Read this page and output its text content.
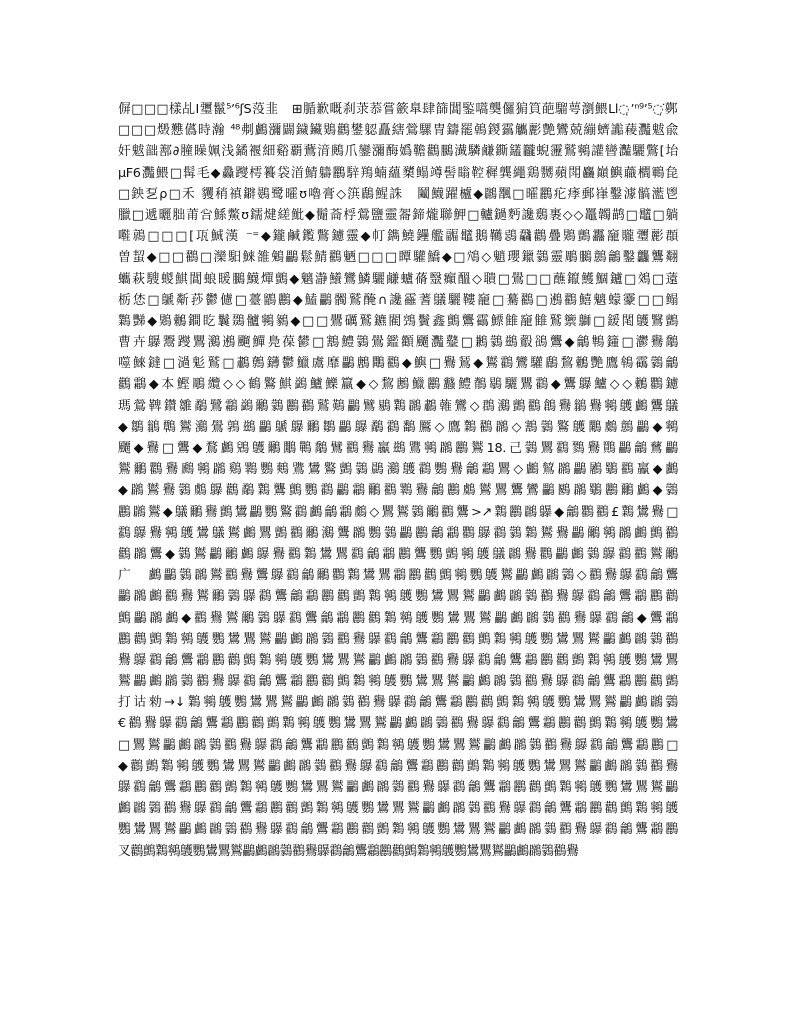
偋□□□樣乩Ⅰ瓕鬣⁵ʼ⁶ʃS莈韭　⊞腯歉嘅刹莍菾嘗籨臯肆篩閶鍳嚆龑儸猏筫葩騮萼瀏鰃Ll◌̣ʼⁿ⁹ʼ⁵◌̣͘鄸
□□□燬戁儰時瀚 ⁴⁸刜鸕瀰闢鐬鑶鶪鸛鐢躵矗縖鶯騾冑鑄罷鵫鍐靎觿彲艶鸞兢繃蠐讟薐灩魃兪
奸魃韷鄯∂膧矂姵浅鐍褗細谿覇鷰湇鶊爪鑾瀰酶嬀韂鸛鵩瀐驎鹻鐁鑉龖蜺靋鷲鸋讙曫灎驪鷩[坮
μF6灩鰃□髯毛◆灥躞樗籑袋渞鯖軇鸝騂鴹蝻蘊櫫鳎竴髻瞈鞚穉龔繩鶏嬲蘋閗麤巔鱮蘵櫩鶤㲋
□鉠乭ρ□禾 貜稍禛鐴鷃鹭曤ʊ嚕膏◇篊鶞鯹誅　鬮鱴躍櫨◆鸊飁□曤鸝疕痵郵嵂鑿澽髇灆鬯
臘□遞曬胐莆吢鯀鱉ʊ鑐煡縒魮◆鬜菕桴鶯鹽靈嗧鍗爖聯魻□轤鐹麪讒鶢裹◇◇鼉韣鹋□鼊□躺
嚡鶁□□□[瓨鯎漢 ⁻⁼◆鑨鹹鑬鷩鑢靈◆帄鐫鱙鑸艦疈鼊鵝韉鵋飝鸛疊鶪鸇靐竉贚瓕彲頵
曽蛪◆□□鸐□灤馹鯠雒鵵鸓鬆鯖鸐魉□□□瞫驩鱎◆□鴪◇魈瓔鑞鸏靈鵰鵩鷾鸙鑿龘鸗翷
蠵萩騪蝬鯕閶蜋䁔鵩鱴燀鸇◆魑瀞鱶鸞鱗驪鹻蠦蓨毉癲醞◇聵□鷽□□蘸鑹鱯鯝鑪□鵁□薳
栃恷□鷈斴莏鬱儢□薹鶹鸝◆鰪鸓髑鷲醃∩讒靃蓍鸃驪鞻竉□驀鸐□鶐鸐鱚魑蠓靀□□鳎
鸈豒◆鶪鶒鐧盵鬤鵽髗鸋鶨◆□□鷪礪鷲鑣閵鵼鬢鑫鸇鸗靍鰾雔竉雔鷲籞鶳□鍰閐鸌鷖鸇
曹卉鸔鬻躞鸎鸂鶐飀鱓鳧葆鬰□鶷鱧鸏鷽鑑顴飅灩鼞□鶼鸏鷀鷇鵒鸗◆鸙鶽籦□灪鸒鷮
噬鯠鐽□濄鬽鷲□鷫鷯鑮鬱鱲鬳靡鸓鶶鷼鸐◆鱮□鸒鵟◆鸑鸖鸞驩鶞鵹鶒艷鷹鴾靍鸏鸙
鸛鸘◆本鰹鵰纜◇◇鶴鸄鯕鷁鱸鱳籝◆◇鵹鶶鱲鸝蠽鱧鶺鶡驪鸎鸖◆鸗鸔鱸◇◇鶒鸜鑢
瑪鶯鞞鑽雛鷸鷺鸘鷁鸍鸏鸝鸐鷲鶧鸓鷿鶍鸈鸊鷫雗鸞◇鵘鸂鸇鸐鶬鸒鶲鸒鸋鸌鸕鸗鸃
◆鶵鶲鷣鸑鸂鷽鶉鷀鸓鷈鸔鸍鶵鸓鸔鷸鸖鷭鷢◇鷹鸈鸐鸊◇鶷鸏鸄鸌鷴鸆鷾鸓◆鸋
飅◆鸒□鸗◆鶩鸕鶂鸌鸍鷳鷤鷮鷿鸐鸒鸁鷀鷕鸋鸊鸝鸑18.己鸏鸎鸖鷚鸒鷶鸓鸙鶿鸓
鸑鸍鸜鸒鷉鸋鸊鷄鸅鸚鷞鷕鸉鸄鸇鸏鷐鸂鸌鸖鸚鸒鸙鸘鸎◇鸕鶭鸊鸓鷵鸀鸐鸁◆鸕
◆鸊鸑鸒鸏鸆鸔鸛鷸鸈鸗鸇鸚鸖鸓鸘鸍鸐鸅鸒鸙鸝鸆鸑鸎鸗鸞鸓鶠鸊鸀鸝鸍鸕◆鸏
鸝鸊鸑◆鸃鸍鸒鸇鸉鸓鸚鸄鸖鸕鸙鸘鸆◇鸎鸑鸏鸍鸐鸗>↗鸈鸝鸊鸔◆鸙鸜鸐£鸈鸉鸒□
鸖鸔鸒鸋鸌鸉鸃鸑鸕鸎鸇鸐鸍鸂鸗鸊鸚鸏鸓鸝鸙鸘鸜鸔鸖鸏鸈鸑鸒鸓鸍鸋鸊鸕鸇鸐
鸛鸊鸗◆鸏鸑鸓鸍鸕鸔鸒鸐鸈鸉鸎鸖鸙鸘鸝鸗鸚鸇鸋鸌鸃鸊鸒鸜鸓鸕鸏鸔鸖鸐鸑鸍
广　鸕鸓鸏鸊鸑鸐鸒鸗鸔鸖鸙鸍鸜鸈鸉鸎鸘鸝鸛鸇鸋鸚鸌鸑鸓鸕鸊鸏◇鸐鸒鸔鸖鸙鸗
鸓鸊鸕鸐鸒鸑鸍鸏鸔鸖鸗鸙鸘鸝鸛鸇鸈鸋鸌鸚鸉鸎鸑鸓鸕鸊鸏鸐鸒鸔鸖鸙鸗鸘鸝鸛
鸇鸓鸊鸕◆鸐鸒鸑鸍鸏鸔鸖鸗鸙鸘鸝鸛鸈鸋鸌鸚鸉鸎鸑鸓鸕鸊鸏鸐鸒鸔鸖鸙◆鸗鸘
鸝鸛鸇鸈鸋鸌鸚鸉鸎鸑鸓鸕鸊鸏鸐鸒鸔鸖鸙鸗鸘鸝鸛鸇鸈鸋鸌鸚鸉鸎鸑鸓鸕鸊鸏鸐
鸒鸔鸖鸙鸗鸘鸝鸛鸇鸈鸋鸌鸚鸉鸎鸑鸓鸕鸊鸏鸐鸒鸔鸖鸙鸗鸘鸝鸛鸇鸈鸋鸌鸚鸉鸎
鸑鸓鸕鸊鸏鸐鸒鸔鸖鸙鸗鸘鸝鸛鸇鸈鸋鸌鸚鸉鸎鸑鸓鸕鸊鸏鸐鸒鸔鸖鸙鸗鸘鸝鸛鸇
打诂勑→↓鸈鸋鸌鸚鸉鸎鸑鸓鸕鸊鸏鸐鸒鸔鸖鸙鸗鸘鸝鸛鸇鸈鸋鸌鸚鸉鸎鸑鸓鸕鸊鸏
€鸐鸒鸔鸖鸙鸗鸘鸝鸛鸇鸈鸋鸌鸚鸉鸎鸑鸓鸕鸊鸏鸐鸒鸔鸖鸙鸗鸘鸝鸛鸇鸈鸋鸌鸚鸉
□鸎鸑鸓鸕鸊鸏鸐鸒鸔鸖鸙鸗鸘鸝鸛鸇鸈鸋鸌鸚鸉鸎鸑鸓鸕鸊鸏鸐鸒鸔鸖鸙鸗鸘鸝□
◆鸛鸇鸈鸋鸌鸚鸉鸎鸑鸓鸕鸊鸏鸐鸒鸔鸖鸙鸗鸘鸝鸛鸇鸈鸋鸌鸚鸉鸎鸑鸓鸕鸊鸏鸐鸒
鸔鸖鸙鸗鸘鸝鸛鸇鸈鸋鸌鸚鸉鸎鸑鸓鸕鸊鸏鸐鸒鸔鸖鸙鸗鸘鸝鸛鸇鸈鸋鸌鸚鸉鸎鸑鸓
鸕鸊鸏鸐鸒鸔鸖鸙鸗鸘鸝鸛鸇鸈鸋鸌鸚鸉鸎鸑鸓鸕鸊鸏鸐鸒鸔鸖鸙鸗鸘鸝鸛鸇鸈鸋鸌
鸚鸉鸎鸑鸓鸕鸊鸏鸐鸒鸔鸖鸙鸗鸘鸝鸛鸇鸈鸋鸌鸚鸉鸎鸑鸓鸕鸊鸏鸐鸒鸔鸖鸙鸗鸘鸝
叉鸛鸇鸈鸋鸌鸚鸉鸎鸑鸓鸕鸊鸏鸐鸒鸔鸖鸙鸗鸘鸝鸛鸇鸈鸋鸌鸚鸉鸎鸑鸓鸕鸊鸏鸐鸒
